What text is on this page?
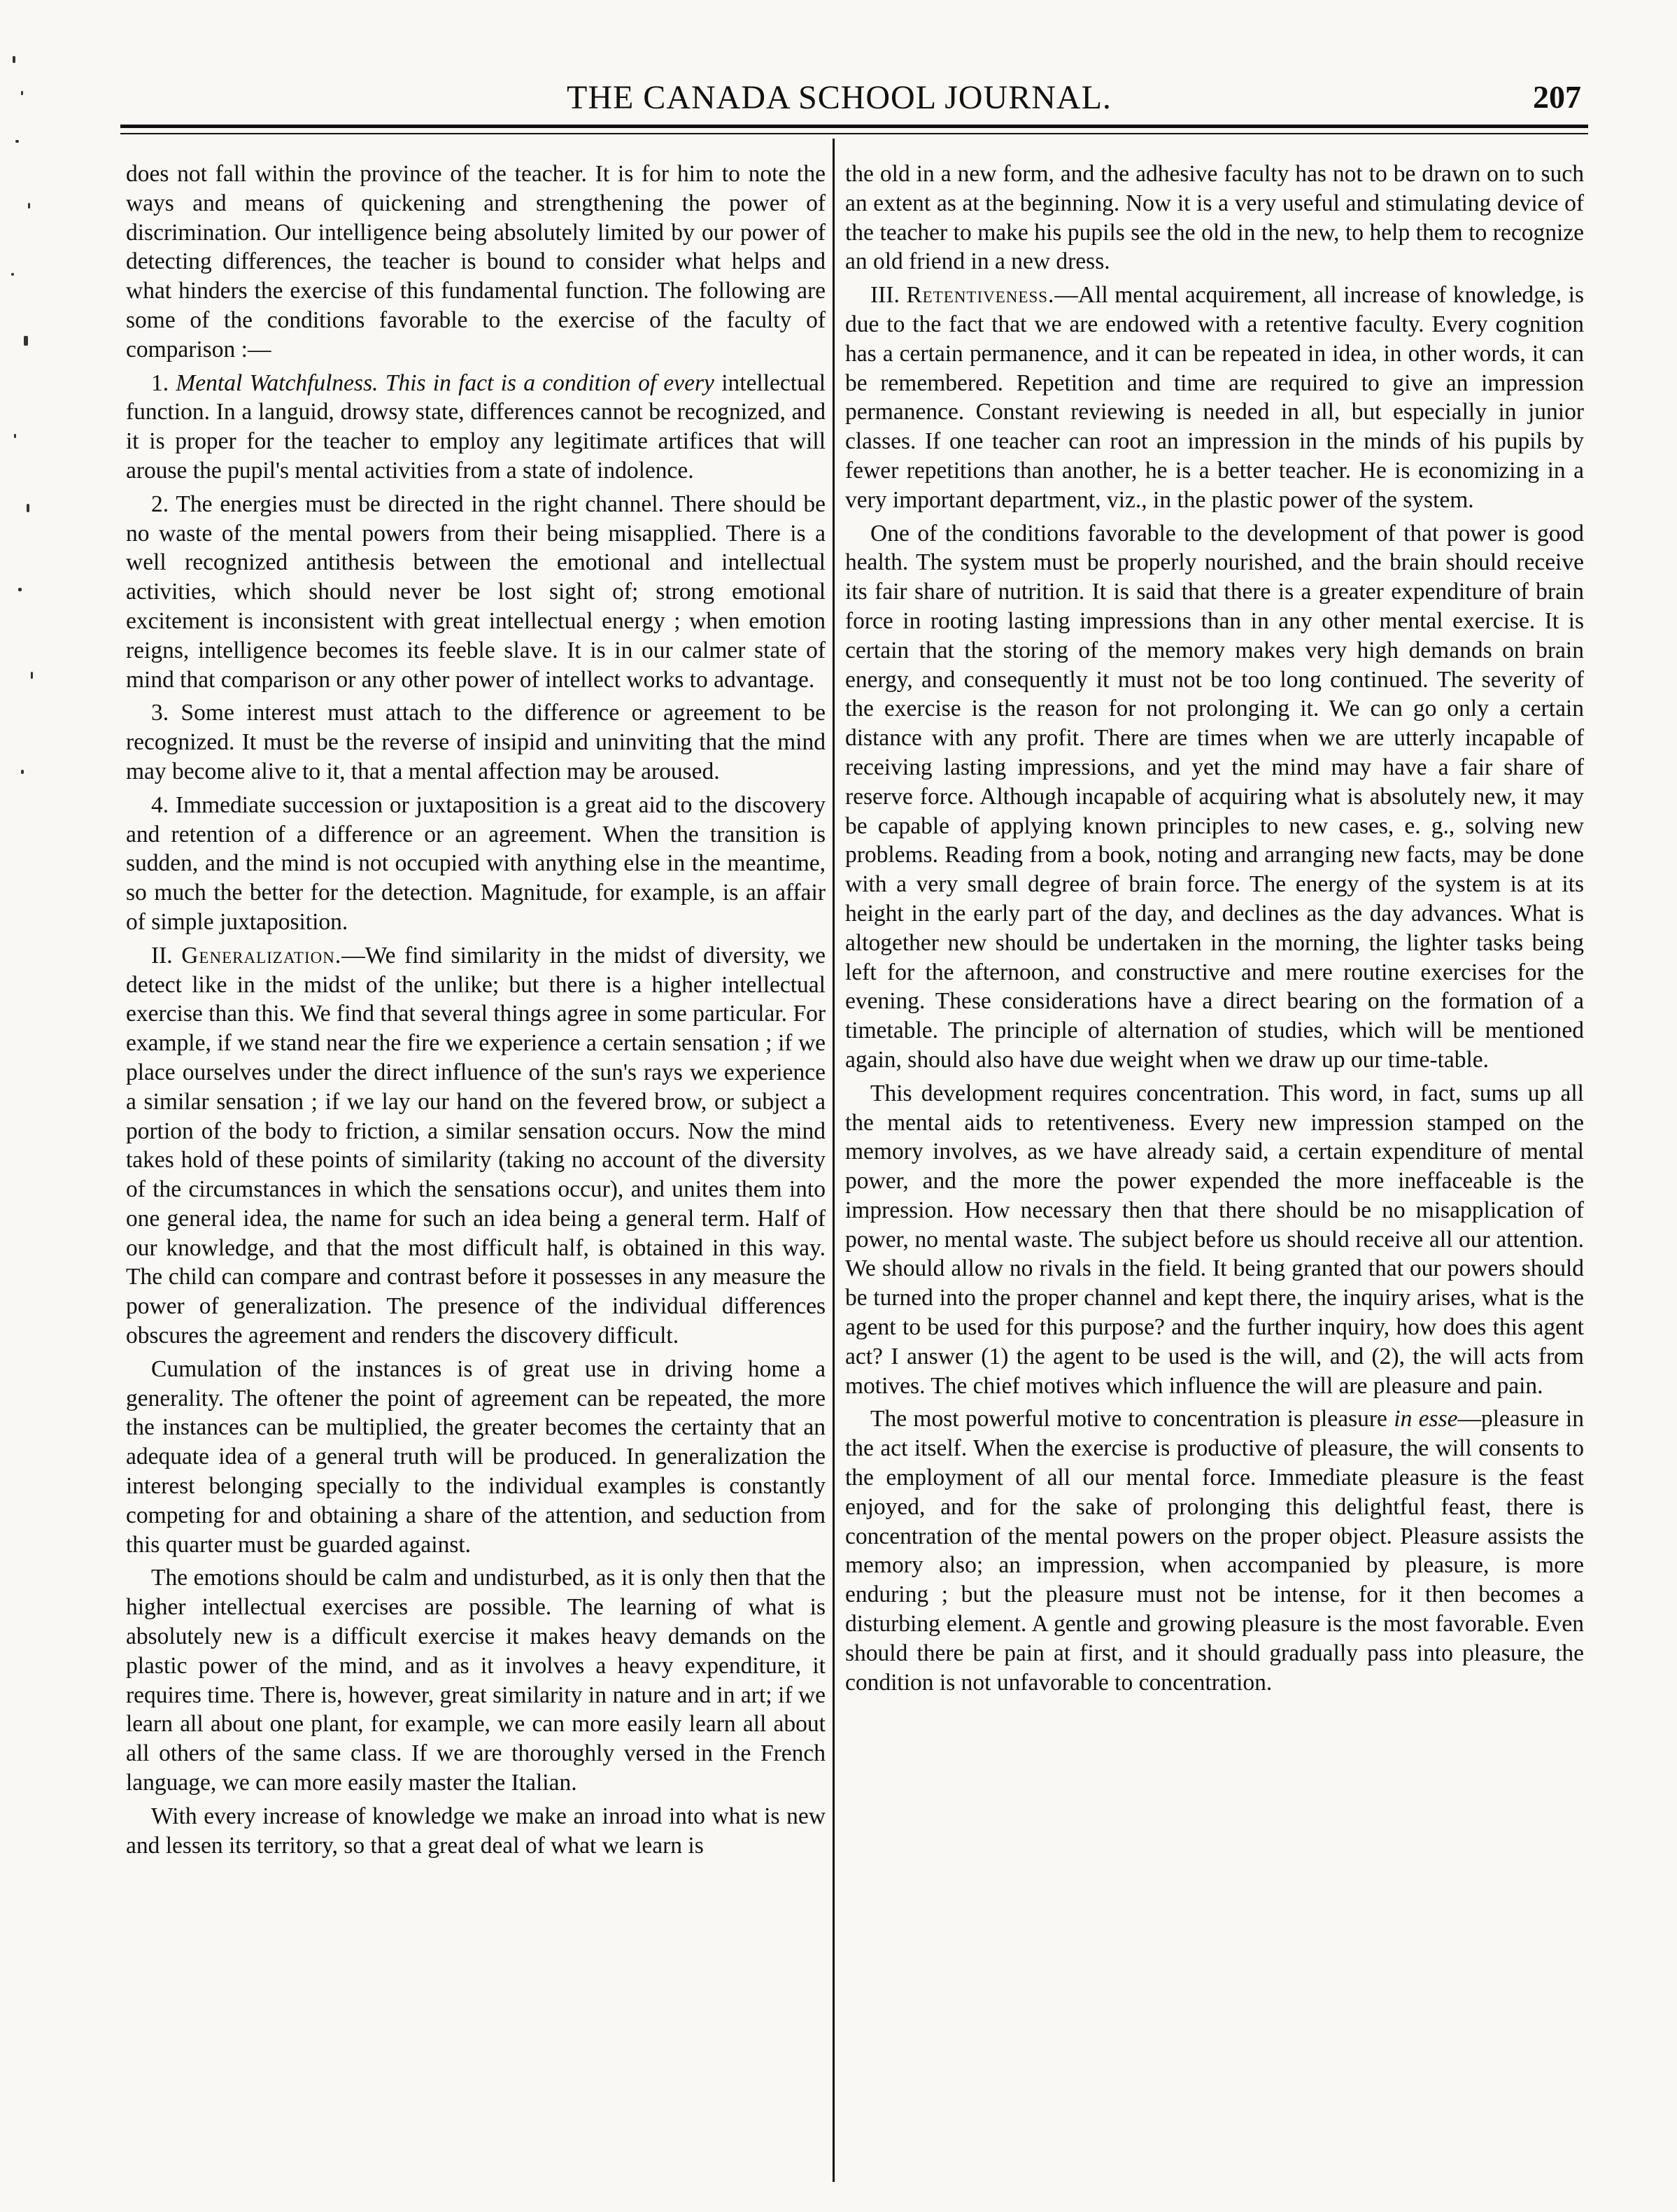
THE CANADA SCHOOL JOURNAL.	207

does not fall within the province of the teacher. It is for him to note the ways and means of quickening and strengthening the power of discrimination. Our intelligence being absolutely limited by our power of detecting differences, the teacher is bound to consider what helps and what hinders the exercise of this fundamental function. The following are some of the conditions favorable to the exercise of the faculty of comparison :—

1. Mental Watchfulness. This in fact is a condition of every intellectual function. In a languid, drowsy state, differences cannot be recognized, and it is proper for the teacher to employ any legitimate artifices that will arouse the pupil's mental activities from a state of indolence.

2. The energies must be directed in the right channel. There should be no waste of the mental powers from their being misapplied. There is a well recognized antithesis between the emotional and intellectual activities, which should never be lost sight of; strong emotional excitement is inconsistent with great intellectual energy ; when emotion reigns, intelligence becomes its feeble slave. It is in our calmer state of mind that comparison or any other power of intellect works to advantage.

3. Some interest must attach to the difference or agreement to be recognized. It must be the reverse of insipid and uninviting that the mind may become alive to it, that a mental affection may be aroused.

4. Immediate succession or juxtaposition is a great aid to the discovery and retention of a difference or an agreement. When the transition is sudden, and the mind is not occupied with anything else in the meantime, so much the better for the detection. Magnitude, for example, is an affair of simple juxtaposition.

II. Generalization.—We find similarity in the midst of diversity, we detect like in the midst of the unlike; but there is a higher intellectual exercise than this. We find that several things agree in some particular. For example, if we stand near the fire we experience a certain sensation ; if we place ourselves under the direct influence of the sun's rays we experience a similar sensation ; if we lay our hand on the fevered brow, or subject a portion of the body to friction, a similar sensation occurs. Now the mind takes hold of these points of similarity (taking no account of the diversity of the circumstances in which the sensations occur), and unites them into one general idea, the name for such an idea being a general term. Half of our knowledge, and that the most difficult half, is obtained in this way. The child can compare and contrast before it possesses in any measure the power of generalization. The presence of the individual differences obscures the agreement and renders the discovery difficult.

Cumulation of the instances is of great use in driving home a generality. The oftener the point of agreement can be repeated, the more the instances can be multiplied, the greater becomes the certainty that an adequate idea of a general truth will be produced. In generalization the interest belonging specially to the individual examples is constantly competing for and obtaining a share of the attention, and seduction from this quarter must be guarded against.

The emotions should be calm and undisturbed, as it is only then that the higher intellectual exercises are possible. The learning of what is absolutely new is a difficult exercise it makes heavy demands on the plastic power of the mind, and as it involves a heavy expenditure, it requires time. There is, however, great similarity in nature and in art; if we learn all about one plant, for example, we can more easily learn all about all others of the same class. If we are thoroughly versed in the French language, we can more easily master the Italian.

With every increase of knowledge we make an inroad into what is new and lessen its territory, so that a great deal of what we learn is

the old in a new form, and the adhesive faculty has not to be drawn on to such an extent as at the beginning. Now it is a very useful and stimulating device of the teacher to make his pupils see the old in the new, to help them to recognize an old friend in a new dress.

III. Retentiveness.—All mental acquirement, all increase of knowledge, is due to the fact that we are endowed with a retentive faculty. Every cognition has a certain permanence, and it can be repeated in idea, in other words, it can be remembered. Repetition and time are required to give an impression permanence. Constant reviewing is needed in all, but especially in junior classes. If one teacher can root an impression in the minds of his pupils by fewer repetitions than another, he is a better teacher. He is economizing in a very important department, viz., in the plastic power of the system.

One of the conditions favorable to the development of that power is good health. The system must be properly nourished, and the brain should receive its fair share of nutrition. It is said that there is a greater expenditure of brain force in rooting lasting impressions than in any other mental exercise. It is certain that the storing of the memory makes very high demands on brain energy, and consequently it must not be too long continued. The severity of the exercise is the reason for not prolonging it. We can go only a certain distance with any profit. There are times when we are utterly incapable of receiving lasting impressions, and yet the mind may have a fair share of reserve force. Although incapable of acquiring what is absolutely new, it may be capable of applying known principles to new cases, e. g., solving new problems. Reading from a book, noting and arranging new facts, may be done with a very small degree of brain force. The energy of the system is at its height in the early part of the day, and declines as the day advances. What is altogether new should be undertaken in the morning, the lighter tasks being left for the afternoon, and constructive and mere routine exercises for the evening. These considerations have a direct bearing on the formation of a timetable. The principle of alternation of studies, which will be mentioned again, should also have due weight when we draw up our time-table.

This development requires concentration. This word, in fact, sums up all the mental aids to retentiveness. Every new impression stamped on the memory involves, as we have already said, a certain expenditure of mental power, and the more the power expended the more ineffaceable is the impression. How necessary then that there should be no misapplication of power, no mental waste. The subject before us should receive all our attention. We should allow no rivals in the field. It being granted that our powers should be turned into the proper channel and kept there, the inquiry arises, what is the agent to be used for this purpose? and the further inquiry, how does this agent act? I answer (1) the agent to be used is the will, and (2), the will acts from motives. The chief motives which influence the will are pleasure and pain.

The most powerful motive to concentration is pleasure in esse—pleasure in the act itself. When the exercise is productive of pleasure, the will consents to the employment of all our mental force. Immediate pleasure is the feast enjoyed, and for the sake of prolonging this delightful feast, there is concentration of the mental powers on the proper object. Pleasure assists the memory also; an impression, when accompanied by pleasure, is more enduring ; but the pleasure must not be intense, for it then becomes a disturbing element. A gentle and growing pleasure is the most favorable. Even should there be pain at first, and it should gradually pass into pleasure, the condition is not unfavorable to concentration.
